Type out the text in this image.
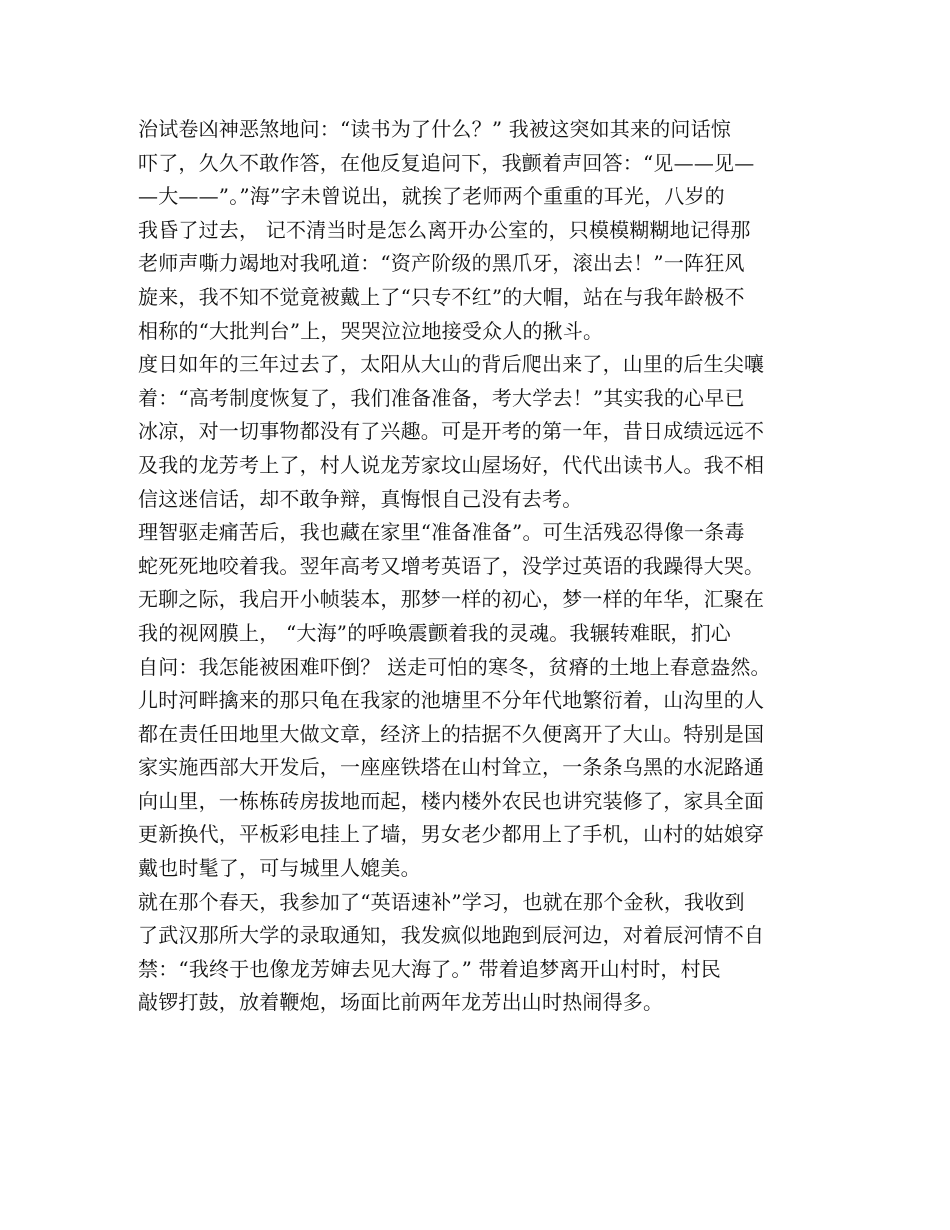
治试卷凶神恶煞地问：“读书为了什么？” 我被这突如其来的问话惊
吓了，久久不敢作答，在他反复追问下，我颤着声回答：“见——见—
—大——”。”海”字未曾说出，就挨了老师两个重重的耳光，八岁的
我昏了过去， 记不清当时是怎么离开办公室的，只模模糊糊地记得那
老师声嘶力竭地对我吼道：“资产阶级的黑爪牙，滚出去！”一阵狂风
旋来，我不知不觉竟被戴上了“只专不红”的大帽，站在与我年龄极不
相称的“大批判台”上，哭哭泣泣地接受众人的揪斗。
度日如年的三年过去了，太阳从大山的背后爬出来了，山里的后生尖嚷
着：“高考制度恢复了，我们准备准备，考大学去！”其实我的心早已
冰凉，对一切事物都没有了兴趣。可是开考的第一年，昔日成绩远远不
及我的龙芳考上了，村人说龙芳家坟山屋场好，代代出读书人。我不相
信这迷信话，却不敢争辩，真悔恨自己没有去考。
理智驱走痛苦后，我也藏在家里“准备准备”。可生活残忍得像一条毒
蛇死死地咬着我。翌年高考又增考英语了，没学过英语的我躁得大哭。
无聊之际，我启开小帧装本，那梦一样的初心，梦一样的年华，汇聚在
我的视网膜上， “大海”的呼唤震颤着我的灵魂。我辗转难眠，扪心
自问：我怎能被困难吓倒？ 送走可怕的寒冬，贫瘠的土地上春意盎然。
儿时河畔擒来的那只龟在我家的池塘里不分年代地繁衍着，山沟里的人
都在责任田地里大做文章，经济上的拮据不久便离开了大山。特别是国
家实施西部大开发后，一座座铁塔在山村耸立，一条条乌黑的水泥路通
向山里，一栋栋砖房拔地而起，楼内楼外农民也讲究装修了，家具全面
更新换代，平板彩电挂上了墙，男女老少都用上了手机，山村的姑娘穿
戴也时髦了，可与城里人媲美。
就在那个春天，我参加了“英语速补”学习，也就在那个金秋，我收到
了武汉那所大学的录取通知，我发疯似地跑到辰河边，对着辰河情不自
禁：“我终于也像龙芳婶去见大海了。” 带着追梦离开山村时，村民
敲锣打鼓，放着鞭炮，场面比前两年龙芳出山时热闹得多。
